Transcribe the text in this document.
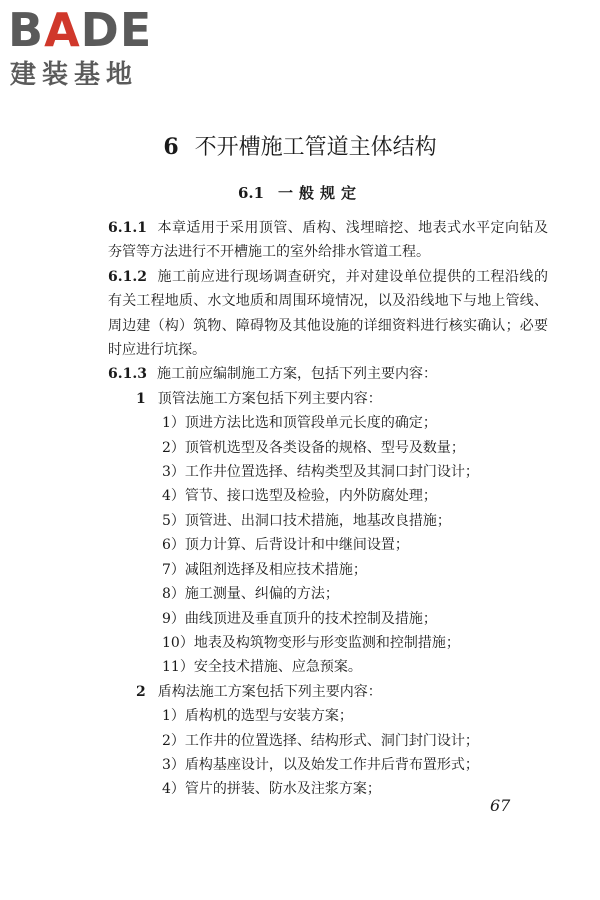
BADE
建装基地
6 不开槽施工管道主体结构
6.1 一般规定

6.1.1 本章适用于采用顶管、盾构、浅埋暗挖、地表式水平定向钻及夯管等方法进行不开槽施工的室外给排水管道工程。

6.1.2 施工前应进行现场调查研究，并对建设单位提供的工程沿线的有关工程地质、水文地质和周围环境情况，以及沿线地下与地上管线、周边建（构）筑物、障碍物及其他设施的详细资料进行核实确认；必要时应进行坑探。

6.1.3 施工前应编制施工方案，包括下列主要内容：

1 顶管法施工方案包括下列主要内容：

1）顶进方法比选和顶管段单元长度的确定；

2）顶管机选型及各类设备的规格、型号及数量；

3）工作井位置选择、结构类型及其洞口封门设计；

4）管节、接口选型及检验，内外防腐处理；

5）顶管进、出洞口技术措施，地基改良措施；

6）顶力计算、后背设计和中继间设置；

7）减阻剂选择及相应技术措施；

8）施工测量、纠偏的方法；

9）曲线顶进及垂直顶升的技术控制及措施；

10）地表及构筑物变形与形变监测和控制措施；

11）安全技术措施、应急预案。

2 盾构法施工方案包括下列主要内容：

1）盾构机的选型与安装方案；

2）工作井的位置选择、结构形式、洞门封门设计；

3）盾构基座设计，以及始发工作井后背布置形式；

4）管片的拼装、防水及注浆方案；

67
